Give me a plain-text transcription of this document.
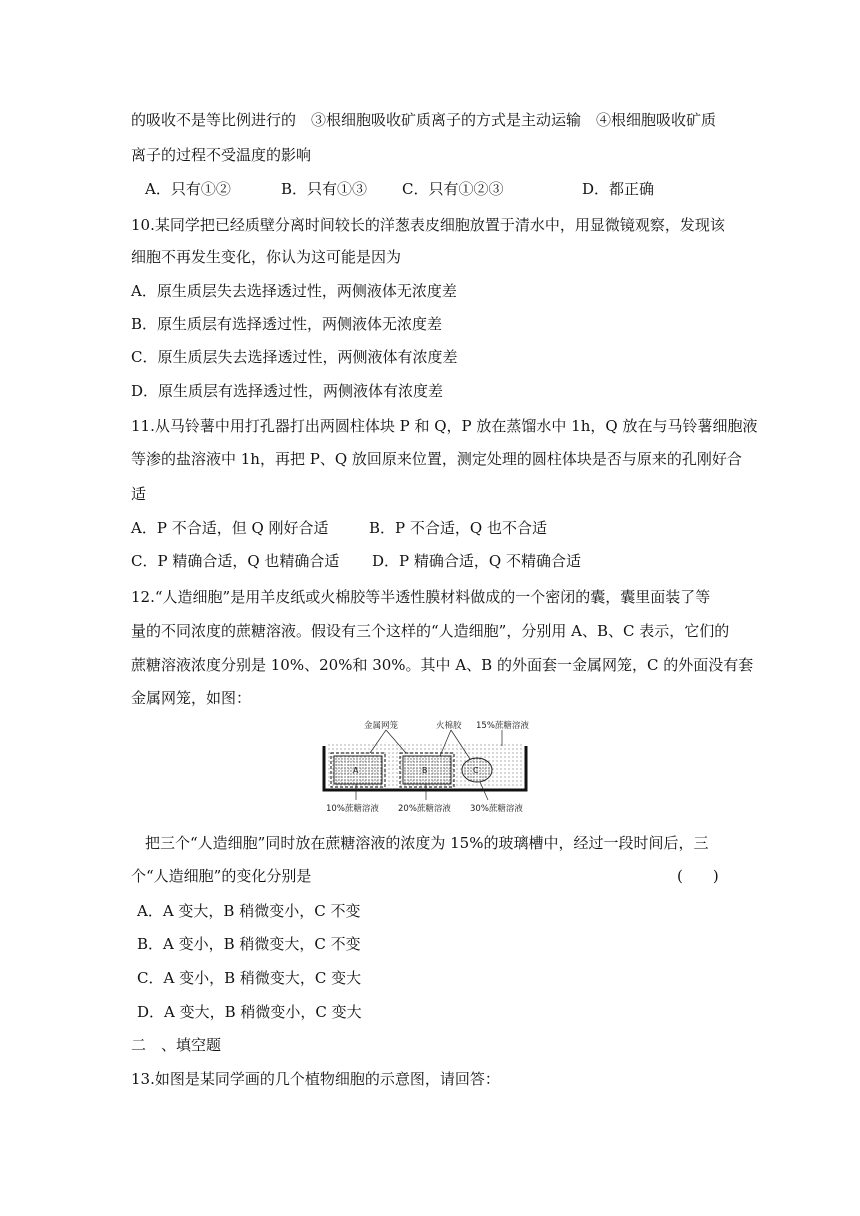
的吸收不是等比例进行的　③根细胞吸收矿质离子的方式是主动运输　④根细胞吸收矿质
离子的过程不受温度的影响
A．只有①②	B．只有①③ C．只有①②③	D．都正确
10.某同学把已经质壁分离时间较长的洋葱表皮细胞放置于清水中，用显微镜观察，发现该
细胞不再发生变化，你认为这可能是因为
A．原生质层失去选择透过性，两侧液体无浓度差
B．原生质层有选择透过性，两侧液体无浓度差
C．原生质层失去选择透过性，两侧液体有浓度差
D．原生质层有选择透过性，两侧液体有浓度差
11.从马铃薯中用打孔器打出两圆柱体块 P 和 Q，P 放在蒸馏水中 1h，Q 放在与马铃薯细胞液
等渗的盐溶液中 1h，再把 P、Q 放回原来位置，测定处理的圆柱体块是否与原来的孔刚好合
适
A．P 不合适，但 Q 刚好合适	B．P 不合适，Q 也不合适
C．P 精确合适，Q 也精确合适 D．P 精确合适，Q 不精确合适
12.“人造细胞”是用羊皮纸或火棉胶等半透性膜材料做成的一个密闭的囊，囊里面装了等
量的不同浓度的蔗糖溶液。假设有三个这样的“人造细胞”，分别用 A、B、C 表示，它们的
蔗糖溶液浓度分别是 10%、20%和 30%。其中 A、B 的外面套一金属网笼，C 的外面没有套
金属网笼，如图：
A	B	C
金属网笼	火棉胶 15%蔗糖溶液
10%蔗糖溶液 20%蔗糖溶液 30%蔗糖溶液
把三个“人造细胞”同时放在蔗糖溶液的浓度为 15%的玻璃槽中，经过一段时间后，三
个“人造细胞”的变化分别是	(　　)
A．A 变大，B 稍微变小，C 不变
B．A 变小，B 稍微变大，C 不变
C．A 变小，B 稍微变大，C 变大
D．A 变大，B 稍微变小，C 变大
二　、填空题
13.如图是某同学画的几个植物细胞的示意图，请回答：
